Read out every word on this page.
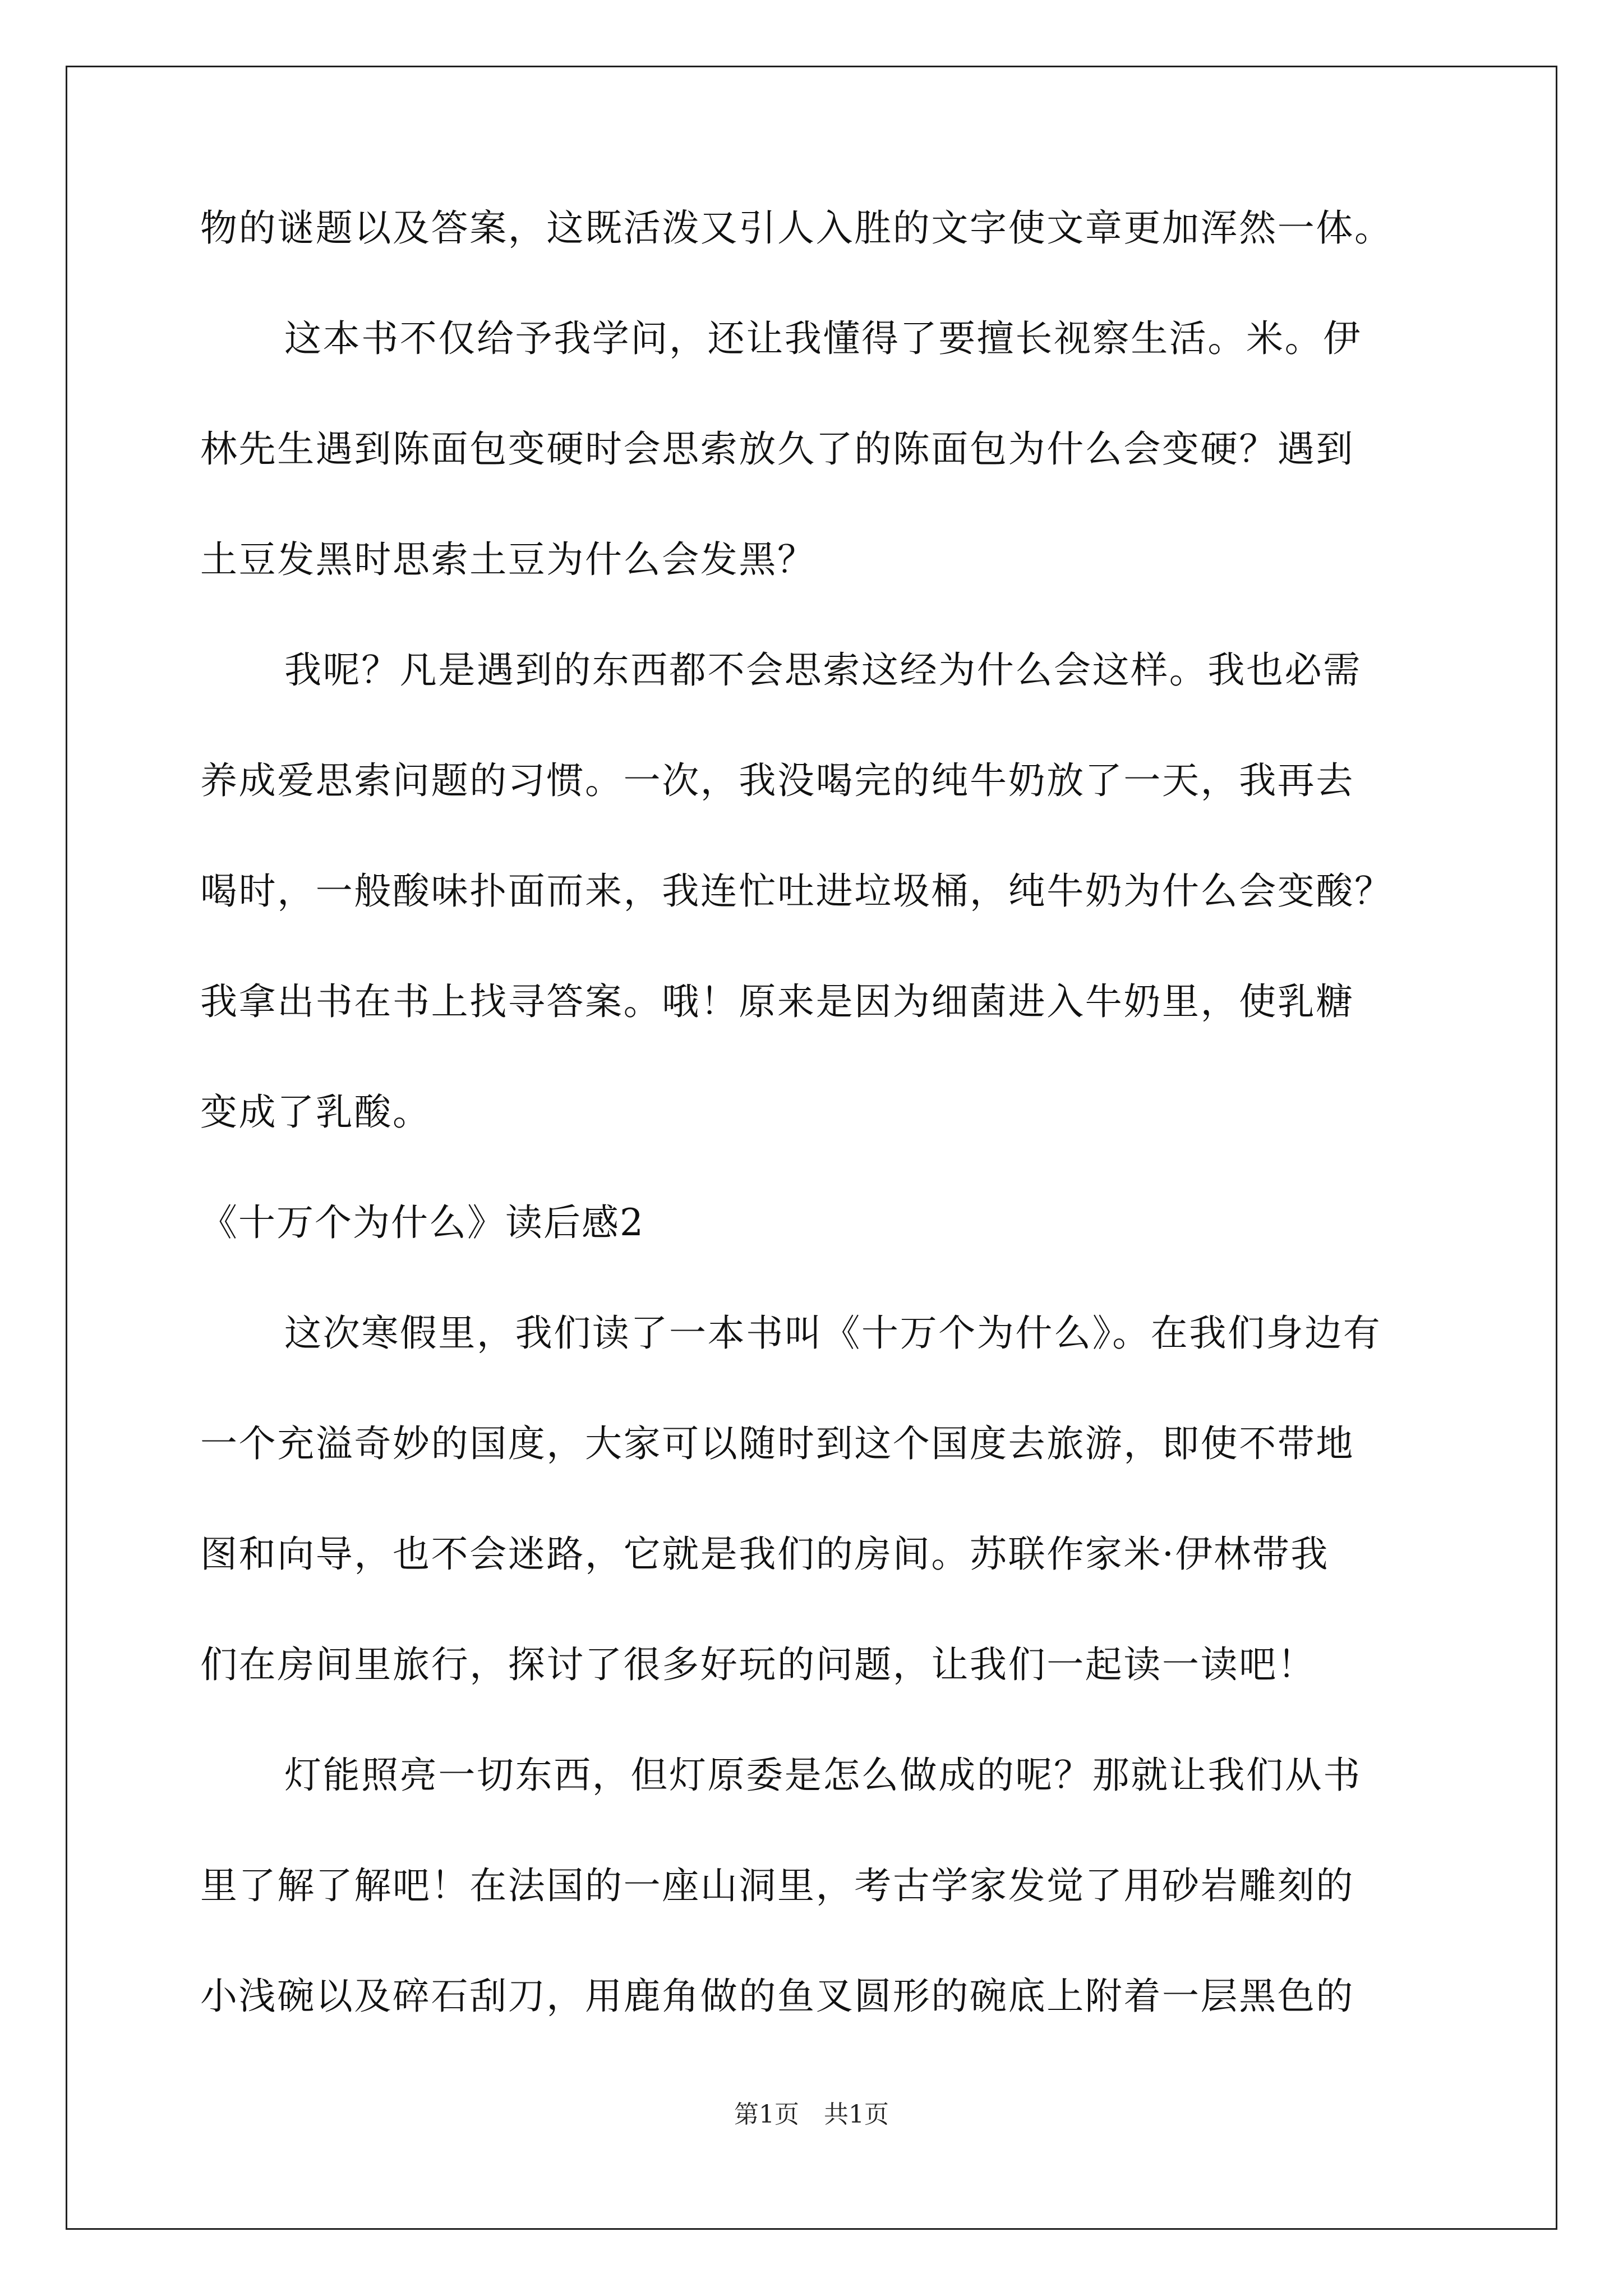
物的谜题以及答案，这既活泼又引人入胜的文字使文章更加浑然一体。
这本书不仅给予我学问，还让我懂得了要擅长视察生活。米。伊
林先生遇到陈面包变硬时会思索放久了的陈面包为什么会变硬？遇到
土豆发黑时思索土豆为什么会发黑？
我呢？凡是遇到的东西都不会思索这经为什么会这样。我也必需
养成爱思索问题的习惯。一次，我没喝完的纯牛奶放了一天，我再去
喝时，一般酸味扑面而来，我连忙吐进垃圾桶，纯牛奶为什么会变酸？
我拿出书在书上找寻答案。哦！原来是因为细菌进入牛奶里，使乳糖
变成了乳酸。
《十万个为什么》读后感2
这次寒假里，我们读了一本书叫《十万个为什么》。在我们身边有
一个充溢奇妙的国度，大家可以随时到这个国度去旅游，即使不带地
图和向导，也不会迷路，它就是我们的房间。苏联作家米·伊林带我
们在房间里旅行，探讨了很多好玩的问题，让我们一起读一读吧！
灯能照亮一切东西，但灯原委是怎么做成的呢？那就让我们从书
里了解了解吧！在法国的一座山洞里，考古学家发觉了用砂岩雕刻的
小浅碗以及碎石刮刀，用鹿角做的鱼叉圆形的碗底上附着一层黑色的
第1页　共1页
